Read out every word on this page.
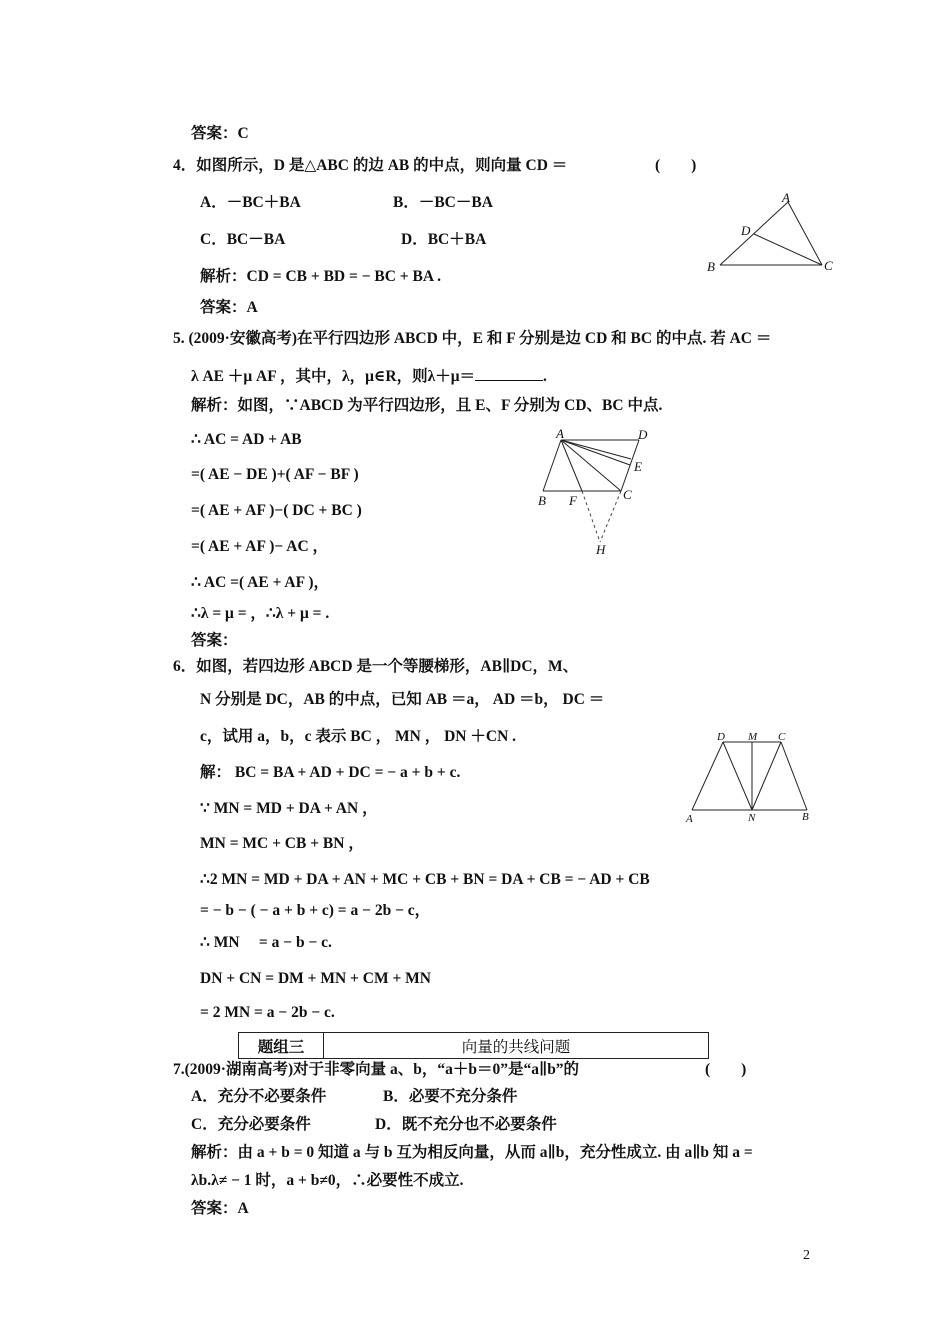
答案：C
4．如图所示，D 是△ABC 的边 AB 的中点，则向量 CD ＝	(　　)
A．－BC＋BA	B．－BC－BA
C．BC－BA	D．BC＋BA
解析：CD = CB + BD = − BC + BA .
答案：A
A
D
B	C
5. (2009·安徽高考)在平行四边形 ABCD 中，E 和 F 分别是边 CD 和 BC 的中点. 若 AC ＝
λ AE ＋μ AF ，其中，λ，μ∈R，则λ＋μ＝	.
解析：如图，∵ABCD 为平行四边形，且 E、F 分别为 CD、BC 中点.
∴ AC = AD + AB
=( AE − DE )+( AF − BF )
=( AE + AF )−( DC + BC )
=( AE + AF )− AC ，
∴ AC =( AE + AF )，
∴λ = μ = ，∴λ + μ = .
答案：
A	D
E
B F	C
H
6．如图，若四边形 ABCD 是一个等腰梯形，AB∥DC，M、
N 分别是 DC，AB 的中点，已知 AB ＝a， AD ＝b， DC ＝
c，试用 a，b，c 表示 BC ， MN ， DN ＋CN .
解： BC = BA + AD + DC = − a + b + c.
∵ MN = MD + DA + AN ，
MN = MC + CB + BN ，
∴2 MN = MD + DA + AN + MC + CB + BN = DA + CB = − AD + CB
= − b − ( − a + b + c) = a − 2b − c，
∴ MN　 = a − b − c.
DN + CN = DM + MN + CM + MN
= 2 MN = a − 2b − c.
D M C
A	N	B
题组三	向量的共线问题
7.(2009·湖南高考)对于非零向量 a、b，“a＋b＝0”是“a∥b”的	(　　)
A．充分不必要条件	B．必要不充分条件
C．充分必要条件	D．既不充分也不必要条件
解析：由 a + b = 0 知道 a 与 b 互为相反向量，从而 a∥b，充分性成立. 由 a∥b 知 a =
λb.λ≠ − 1 时，a + b≠0，∴必要性不成立.
答案：A
2
